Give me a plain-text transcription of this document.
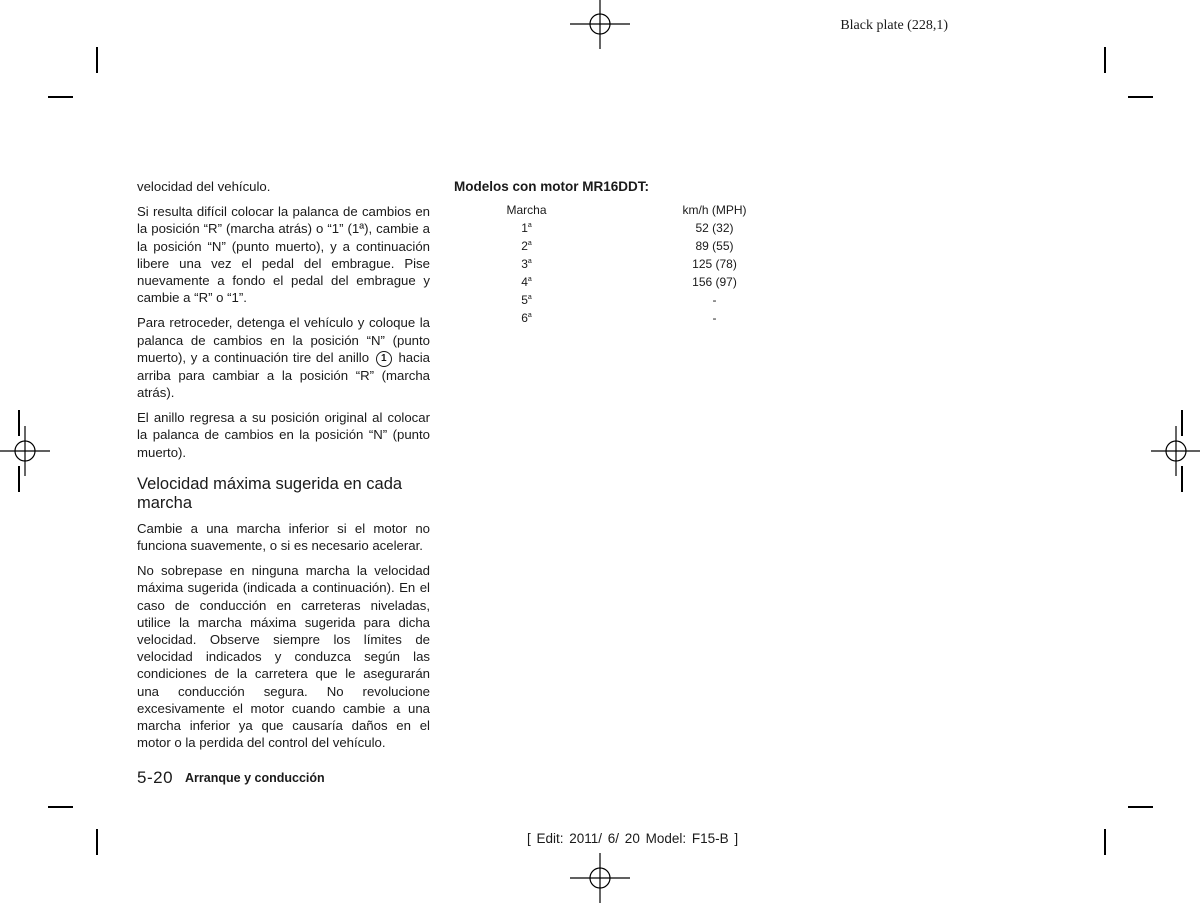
Black plate (228,1)

velocidad del vehículo.

Si resulta difícil colocar la palanca de cambios en la posición “R” (marcha atrás) o “1” (1ª), cambie a la posición “N” (punto muerto), y a continuación libere una vez el pedal del embrague. Pise nuevamente a fondo el pedal del embrague y cambie a “R” o “1”.

Para retroceder, detenga el vehículo y coloque la palanca de cambios en la posición “N” (punto muerto), y a continuación tire del anillo 1 hacia arriba para cambiar a la posición “R” (marcha atrás).

El anillo regresa a su posición original al colocar la palanca de cambios en la posición “N” (punto muerto).

Velocidad máxima sugerida en cada marcha

Cambie a una marcha inferior si el motor no funciona suavemente, o si es necesario acelerar.

No sobrepase en ninguna marcha la velocidad máxima sugerida (indicada a continuación). En el caso de conducción en carreteras niveladas, utilice la marcha máxima sugerida para dicha velocidad. Observe siempre los límites de velocidad indicados y conduzca según las condiciones de la carretera que le asegurarán una conducción segura. No revolucione excesivamente el motor cuando cambie a una marcha inferior ya que causaría daños en el motor o la perdida del control del vehículo.

Modelos con motor MR16DDT:
Marcha	km/h (MPH)
1$^a$	52 (32)
2$^a$	89 (55)
3$^a$	125 (78)
4$^a$	156 (97)
5$^a$	-
6$^a$	-
5-20 Arranque y conducción
[ Edit: 2011/ 6/ 20 Model: F15-B ]
